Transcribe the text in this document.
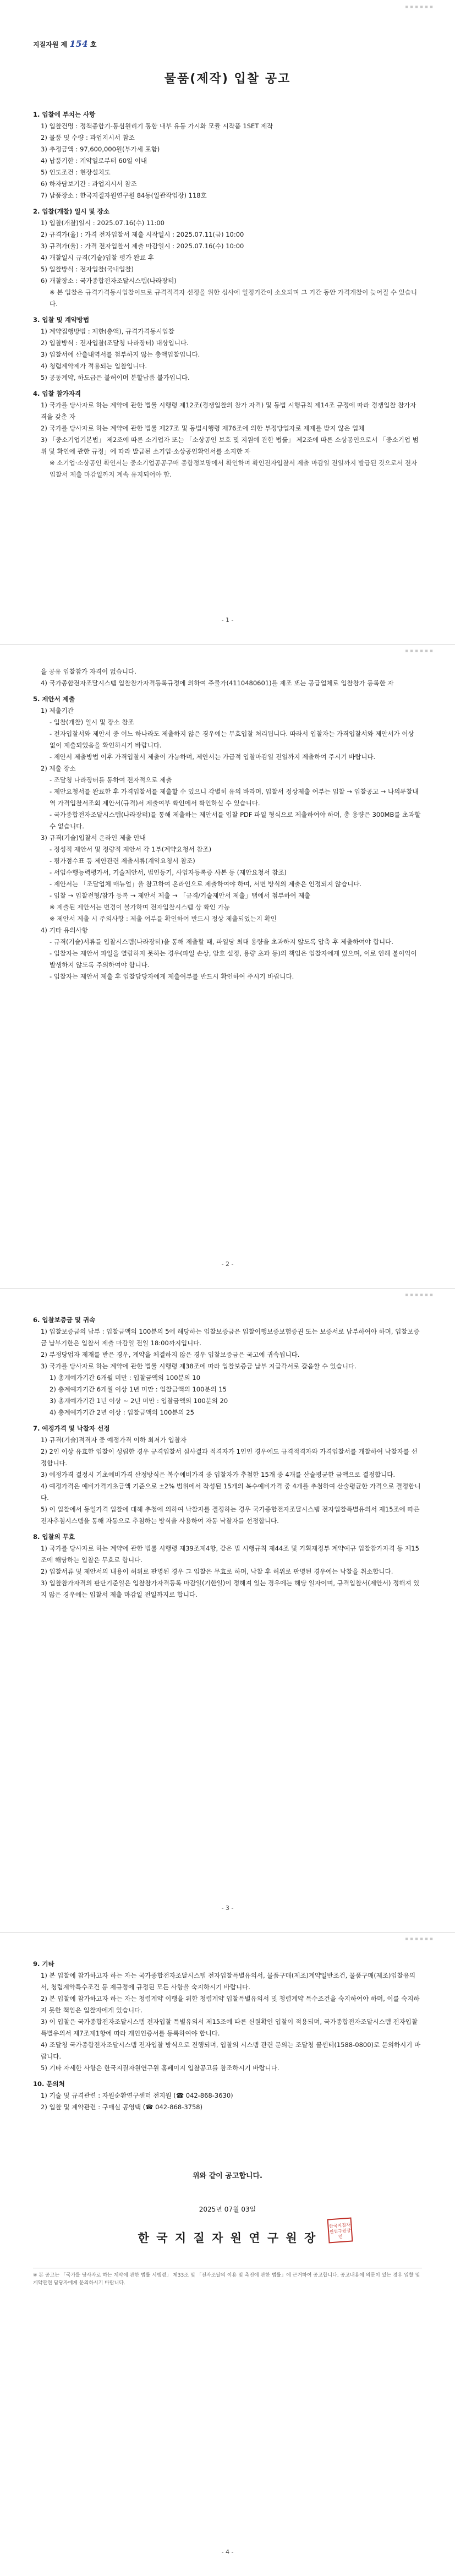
▪ ▪ ▪ ▪ ▪ ▪
지질자원 제 154 호
물품(제작) 입찰 공고
1. 입찰에 부치는 사항
1) 입찰건명 : 정책종합기-통심원리기 통합 내부 유동 가시화 모듈 시작품 1SET 제작
2) 물품 및 수량 : 과업지시서 참조
3) 추정금액 : 97,600,000원(부가세 포함)
4) 납품기한 : 계약일로부터 60일 이내
5) 인도조건 : 현장설치도
6) 하자담보기간 : 과업지시서 참조
7) 납품장소 : 한국지질자원연구원 84동(일관작업장) 118호
2. 입찰(개찰) 일시 및 장소
1) 입찰(개찰)일시 : 2025.07.16(수) 11:00
2) 규격가(율) : 가격 전자입찰서 제출 시작일시 : 2025.07.11(금) 10:00
3) 규격가(율) : 가격 전자입찰서 제출 마감일시 : 2025.07.16(수) 10:00
4) 개찰일시 규격(기술)입찰 평가 완료 후
5) 입찰방식 : 전자입찰(국내입찰)
6) 개찰장소 : 국가종합전자조달시스템(나라장터)
※ 본 입찰은 규격가격동시입찰이므로 규격적격자 선정을 위한 심사에 일정기간이 소요되며 그 기간 동안 가격개찰이 늦어질 수 있습니다.
3. 입찰 및 계약방법
1) 계약집행방법 : 제한(총액), 규격가격동시입찰
2) 입찰방식 : 전자입찰(조달청 나라장터) 대상입니다.
3) 입찰서에 산출내역서를 첨부하지 않는 총액입찰입니다.
4) 청렴계약제가 적용되는 입찰입니다.
5) 공동계약, 하도급은 불허이며 분할납품 불가입니다.
4. 입찰 참가자격
1) 국가를 당사자로 하는 계약에 관한 법률 시행령 제12조(경쟁입찰의 참가 자격) 및 동법 시행규칙 제14조 규정에 따라 경쟁입찰 참가자격을 갖춘 자
2) 국가를 당사자로 하는 계약에 관한 법률 제27조 및 동법시행령 제76조에 의한 부정당업자로 제재를 받지 않은 업체
3) 「중소기업기본법」 제2조에 따른 소기업자 또는 「소상공인 보호 및 지원에 관한 법률」 제2조에 따른 소상공인으로서 「중소기업 범위 및 확인에 관한 규정」에 따라 발급된 소기업·소상공인확인서를 소지한 자
※ 소기업·소상공인 확인서는 중소기업공공구매 종합정보망에서 확인하며 확인전자입찰서 제출 마감일 전일까지 발급된 것으로서 전자입찰서 제출 마감일까지 계속 유지되어야 함.
- 1 -
▪ ▪ ▪ ▪ ▪ ▪
을 공유 입찰참가 자격이 없습니다.
4) 국가종합전자조달시스템 입찰참가자격등록규정에 의하여 주물가(4110480601)를 제조 또는 공급업체로 입찰참가 등록한 자
5. 제안서 제출
1) 제출기간
- 입찰(개찰) 일시 및 장소 참조
- 전자입찰서와 제안서 중 어느 하나라도 제출하지 않은 경우에는 무효입찰 처리됩니다. 따라서 입찰자는 가격입찰서와 제안서가 이상 없이 제출되었음을 확인하시기 바랍니다.
- 제안서 제출방법 이후 가격입찰서 제출이 가능하며, 제안서는 가급적 입찰마감일 전일까지 제출하여 주시기 바랍니다.
2) 제출 장소
- 조달청 나라장터를 통하여 전자적으로 제출
- 제안요청서를 완료한 후 가격입찰서를 제출할 수 있으니 각별히 유의 바라며, 입찰서 정상제출 여부는 입찰 → 입찰공고 → 나의투찰내역 가격입찰서조회 제안서(규격)서 제출여부 확인에서 확인하실 수 있습니다.
- 국가종합전자조달시스템(나라장터)를 통해 제출하는 제안서를 입찰 PDF 파일 형식으로 제출하여야 하며, 총 용량은 300MB를 초과할 수 없습니다.
3) 규격(기술)입찰서 온라인 제출 안내
- 정성적 제안서 및 정량적 제안서 각 1부(계약요청서 참조)
- 평가점수표 등 제안관련 제출서류(계약요청서 참조)
- 서입수행능력평가서, 기술제안서, 법인등기, 사업자등록증 사본 등 (제안요청서 참조)
- 제안서는 「조달업체 매뉴얼」을 참고하여 온라인으로 제출하여야 하며, 서면 방식의 제출은 인정되지 않습니다.
- 입찰 → 입찰전형/참가 등록 → 제안서 제출 → 「규격/기술제안서 제출」탭에서 첨부하여 제출
※ 제출된 제안서는 변경이 불가하며 전자입찰시스템 상 확인 가능
※ 제안서 제출 시 주의사항 : 제출 여부를 확인하여 반드시 정상 제출되었는지 확인
4) 기타 유의사항
- 규격(기술)서류를 입찰시스템(나라장터)을 통해 제출할 때, 파일당 최대 용량을 초과하지 않도록 압축 후 제출하여야 합니다.
- 입찰자는 제안서 파일을 열람하지 못하는 경우(파일 손상, 암호 설정, 용량 초과 등)의 책임은 입찰자에게 있으며, 이로 인해 불이익이 발생하지 않도록 주의하여야 합니다.
- 입찰자는 제안서 제출 후 입찰담당자에게 제출여부를 반드시 확인하여 주시기 바랍니다.
- 2 -
▪ ▪ ▪ ▪ ▪ ▪
6. 입찰보증금 및 귀속
1) 입찰보증금의 납부 : 입찰금액의 100분의 5에 해당하는 입찰보증금은 입찰이행보증보험증권 또는 보증서로 납부하여야 하며, 입찰보증금 납부기한은 입찰서 제출 마감일 전일 18:00까지입니다.
2) 부정당업자 제재를 받은 경우, 계약을 체결하지 않은 경우 입찰보증금은 국고에 귀속됩니다.
3) 국가를 당사자로 하는 계약에 관한 법률 시행령 제38조에 따라 입찰보증금 납부 지급각서로 갈음할 수 있습니다.
1) 총계예가기간 6개월 미만 : 입찰금액의 100분의 10
2) 총계예가기간 6개월 이상 1년 미만 : 입찰금액의 100분의 15
3) 총계예가기간 1년 이상 ~ 2년 미만 : 입찰금액의 100분의 20
4) 총계예가기간 2년 이상 : 입찰금액의 100분의 25
7. 예정가격 및 낙찰자 선정
1) 규격(기술)적격자 중 예정가격 이하 최저가 입찰자
2) 2인 이상 유효한 입찰이 성립한 경우 규격입찰서 심사결과 적격자가 1인인 경우에도 규격적격자와 가격입찰서를 개찰하여 낙찰자를 선정합니다.
3) 예정가격 결정시 기초예비가격 산정방식은 복수예비가격 중 입찰자가 추첨한 15개 중 4개를 산술평균한 금액으로 결정합니다.
4) 예정가격은 예비가격기초금액 기준으로 ±2% 범위에서 작성된 15개의 복수예비가격 중 4개를 추첨하여 산술평균한 가격으로 결정합니다.
5) 이 입찰에서 동일가격 입찰에 대해 추첨에 의하여 낙찰자를 결정하는 경우 국가종합전자조달시스템 전자입찰특별유의서 제15조에 따른 전자추첨시스템을 통해 자동으로 추첨하는 방식을 사용하여 자동 낙찰자를 선정합니다.
8. 입찰의 무효
1) 국가를 당사자로 하는 계약에 관한 법률 시행령 제39조제4항, 같은 법 시행규칙 제44조 및 기획재정부 계약예규 입찰참가자격 등 제15조에 해당하는 입찰은 무효로 합니다.
2) 입찰서류 및 제안서의 내용이 허위로 판명된 경우 그 입찰은 무효로 하며, 낙찰 후 허위로 판명된 경우에는 낙찰을 취소합니다.
3) 입찰참가자격의 판단기준일은 입찰참가자격등록 마감일(기한일)이 정해져 있는 경우에는 해당 일자이며, 규격입찰서(제안서) 정해져 있지 않은 경우에는 입찰서 제출 마감일 전일까지로 합니다.
- 3 -
▪ ▪ ▪ ▪ ▪ ▪
9. 기타
1) 본 입찰에 참가하고자 하는 자는 국가종합전자조달시스템 전자입찰특별유의서, 물품구매(제조)계약일반조건, 물품구매(제조)입찰유의서, 청렴계약특수조건 등 제규정에 규정된 모든 사항을 숙지하시기 바랍니다.
2) 본 입찰에 참가하고자 하는 자는 청렴계약 이행을 위한 청렴계약 입찰특별유의서 및 청렴계약 특수조건을 숙지하여야 하며, 이를 숙지하지 못한 책임은 입찰자에게 있습니다.
3) 이 입찰은 국가종합전자조달시스템 전자입찰 특별유의서 제15조에 따른 신원확인 입찰이 적용되며, 국가종합전자조달시스템 전자입찰특별유의서 제7조제1항에 따라 개인인증서를 등록하여야 합니다.
4) 조달청 국가종합전자조달시스템 전자입찰 방식으로 진행되며, 입찰의 시스템 관련 문의는 조달청 콜센터(1588-0800)로 문의하시기 바랍니다.
5) 기타 자세한 사항은 한국지질자원연구원 홈페이지 입찰공고를 참조하시기 바랍니다.
10. 문의처
1) 기술 및 규격관련 : 자원순환연구센터 전지원 (☎ 042-868-3630)
2) 입찰 및 계약관련 : 구매실 공영택 (☎ 042-868-3758)
- 4 -
위와 같이 공고합니다.
2025년 07월 03일
한 국 지 질 자 원 연 구 원 장
한국지질자원연구원장인
※ 본 공고는 「국가를 당사자로 하는 계약에 관한 법률 시행령」 제33조 및 「전자조달의 이용 및 촉진에 관한 법률」에 근거하여 공고합니다. 공고내용에 의문이 있는 경우 입찰 및 계약관련 담당자에게 문의하시기 바랍니다.
